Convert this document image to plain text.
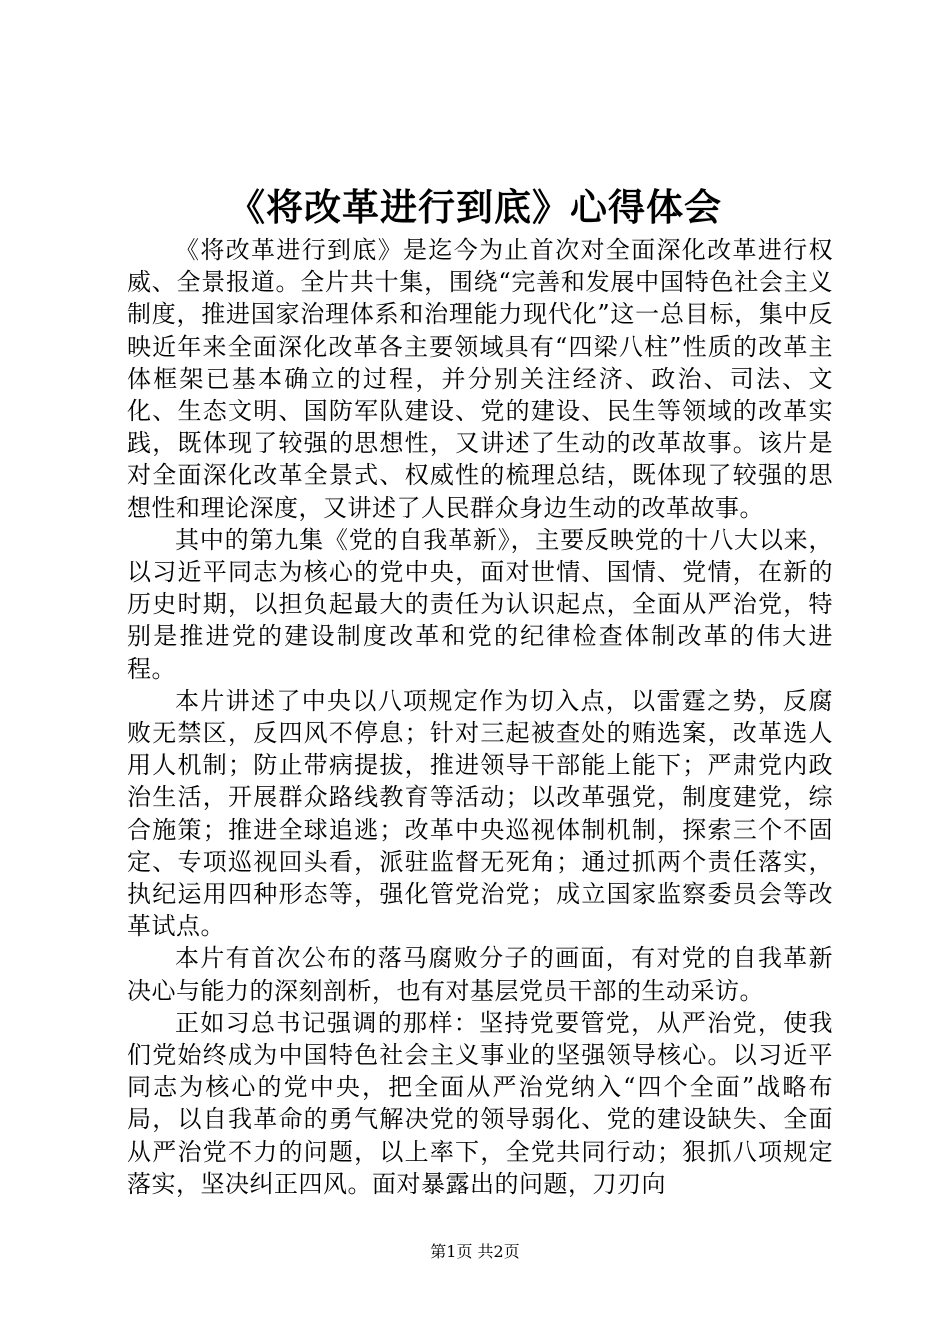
《将改革进行到底》心得体会

《将改革进行到底》是迄今为止首次对全面深化改革进行权威、全景报道。全片共十集，围绕“完善和发展中国特色社会主义制度，推进国家治理体系和治理能力现代化”这一总目标，集中反映近年来全面深化改革各主要领域具有“四梁八柱”性质的改革主体框架已基本确立的过程，并分别关注经济、政治、司法、文化、生态文明、国防军队建设、党的建设、民生等领域的改革实践，既体现了较强的思想性，又讲述了生动的改革故事。该片是对全面深化改革全景式、权威性的梳理总结，既体现了较强的思想性和理论深度，又讲述了人民群众身边生动的改革故事。

其中的第九集《党的自我革新》，主要反映党的十八大以来，以习近平同志为核心的党中央，面对世情、国情、党情，在新的历史时期，以担负起最大的责任为认识起点，全面从严治党，特别是推进党的建设制度改革和党的纪律检查体制改革的伟大进程。

本片讲述了中央以八项规定作为切入点，以雷霆之势，反腐败无禁区，反四风不停息；针对三起被查处的贿选案，改革选人用人机制；防止带病提拔，推进领导干部能上能下；严肃党内政治生活，开展群众路线教育等活动；以改革强党，制度建党，综合施策；推进全球追逃；改革中央巡视体制机制，探索三个不固定、专项巡视回头看，派驻监督无死角；通过抓两个责任落实，执纪运用四种形态等，强化管党治党；成立国家监察委员会等改革试点。

本片有首次公布的落马腐败分子的画面，有对党的自我革新决心与能力的深刻剖析，也有对基层党员干部的生动采访。

正如习总书记强调的那样：坚持党要管党，从严治党，使我们党始终成为中国特色社会主义事业的坚强领导核心。以习近平同志为核心的党中央，把全面从严治党纳入“四个全面”战略布局，以自我革命的勇气解决党的领导弱化、党的建设缺失、全面从严治党不力的问题，以上率下，全党共同行动；狠抓八项规定落实，坚决纠正四风。面对暴露出的问题，刀刃向

第1页 共2页
